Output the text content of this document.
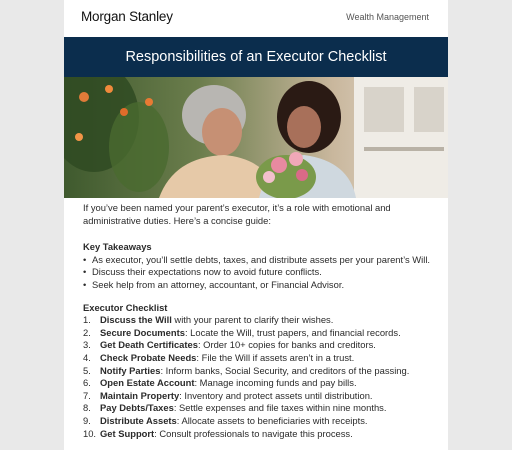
Morgan Stanley	Wealth Management
Responsibilities of an Executor Checklist

If you’ve been named your parent’s executor, it’s a role with emotional and administrative duties. Here’s a concise guide:

Key Takeaways

• As executor, you’ll settle debts, taxes, and distribute assets per your parent’s Will.
• Discuss their expectations now to avoid future conflicts.
• Seek help from an attorney, accountant, or Financial Advisor.

Executor Checklist

1. Discuss the Will with your parent to clarify their wishes.
2. Secure Documents: Locate the Will, trust papers, and financial records.
3. Get Death Certificates: Order 10+ copies for banks and creditors.
4. Check Probate Needs: File the Will if assets aren’t in a trust.
5. Notify Parties: Inform banks, Social Security, and creditors of the passing.
6. Open Estate Account: Manage incoming funds and pay bills.
7. Maintain Property: Inventory and protect assets until distribution.
8. Pay Debts/Taxes: Settle expenses and file taxes within nine months.
9. Distribute Assets: Allocate assets to beneficiaries with receipts.
10. Get Support: Consult professionals to navigate this process.
